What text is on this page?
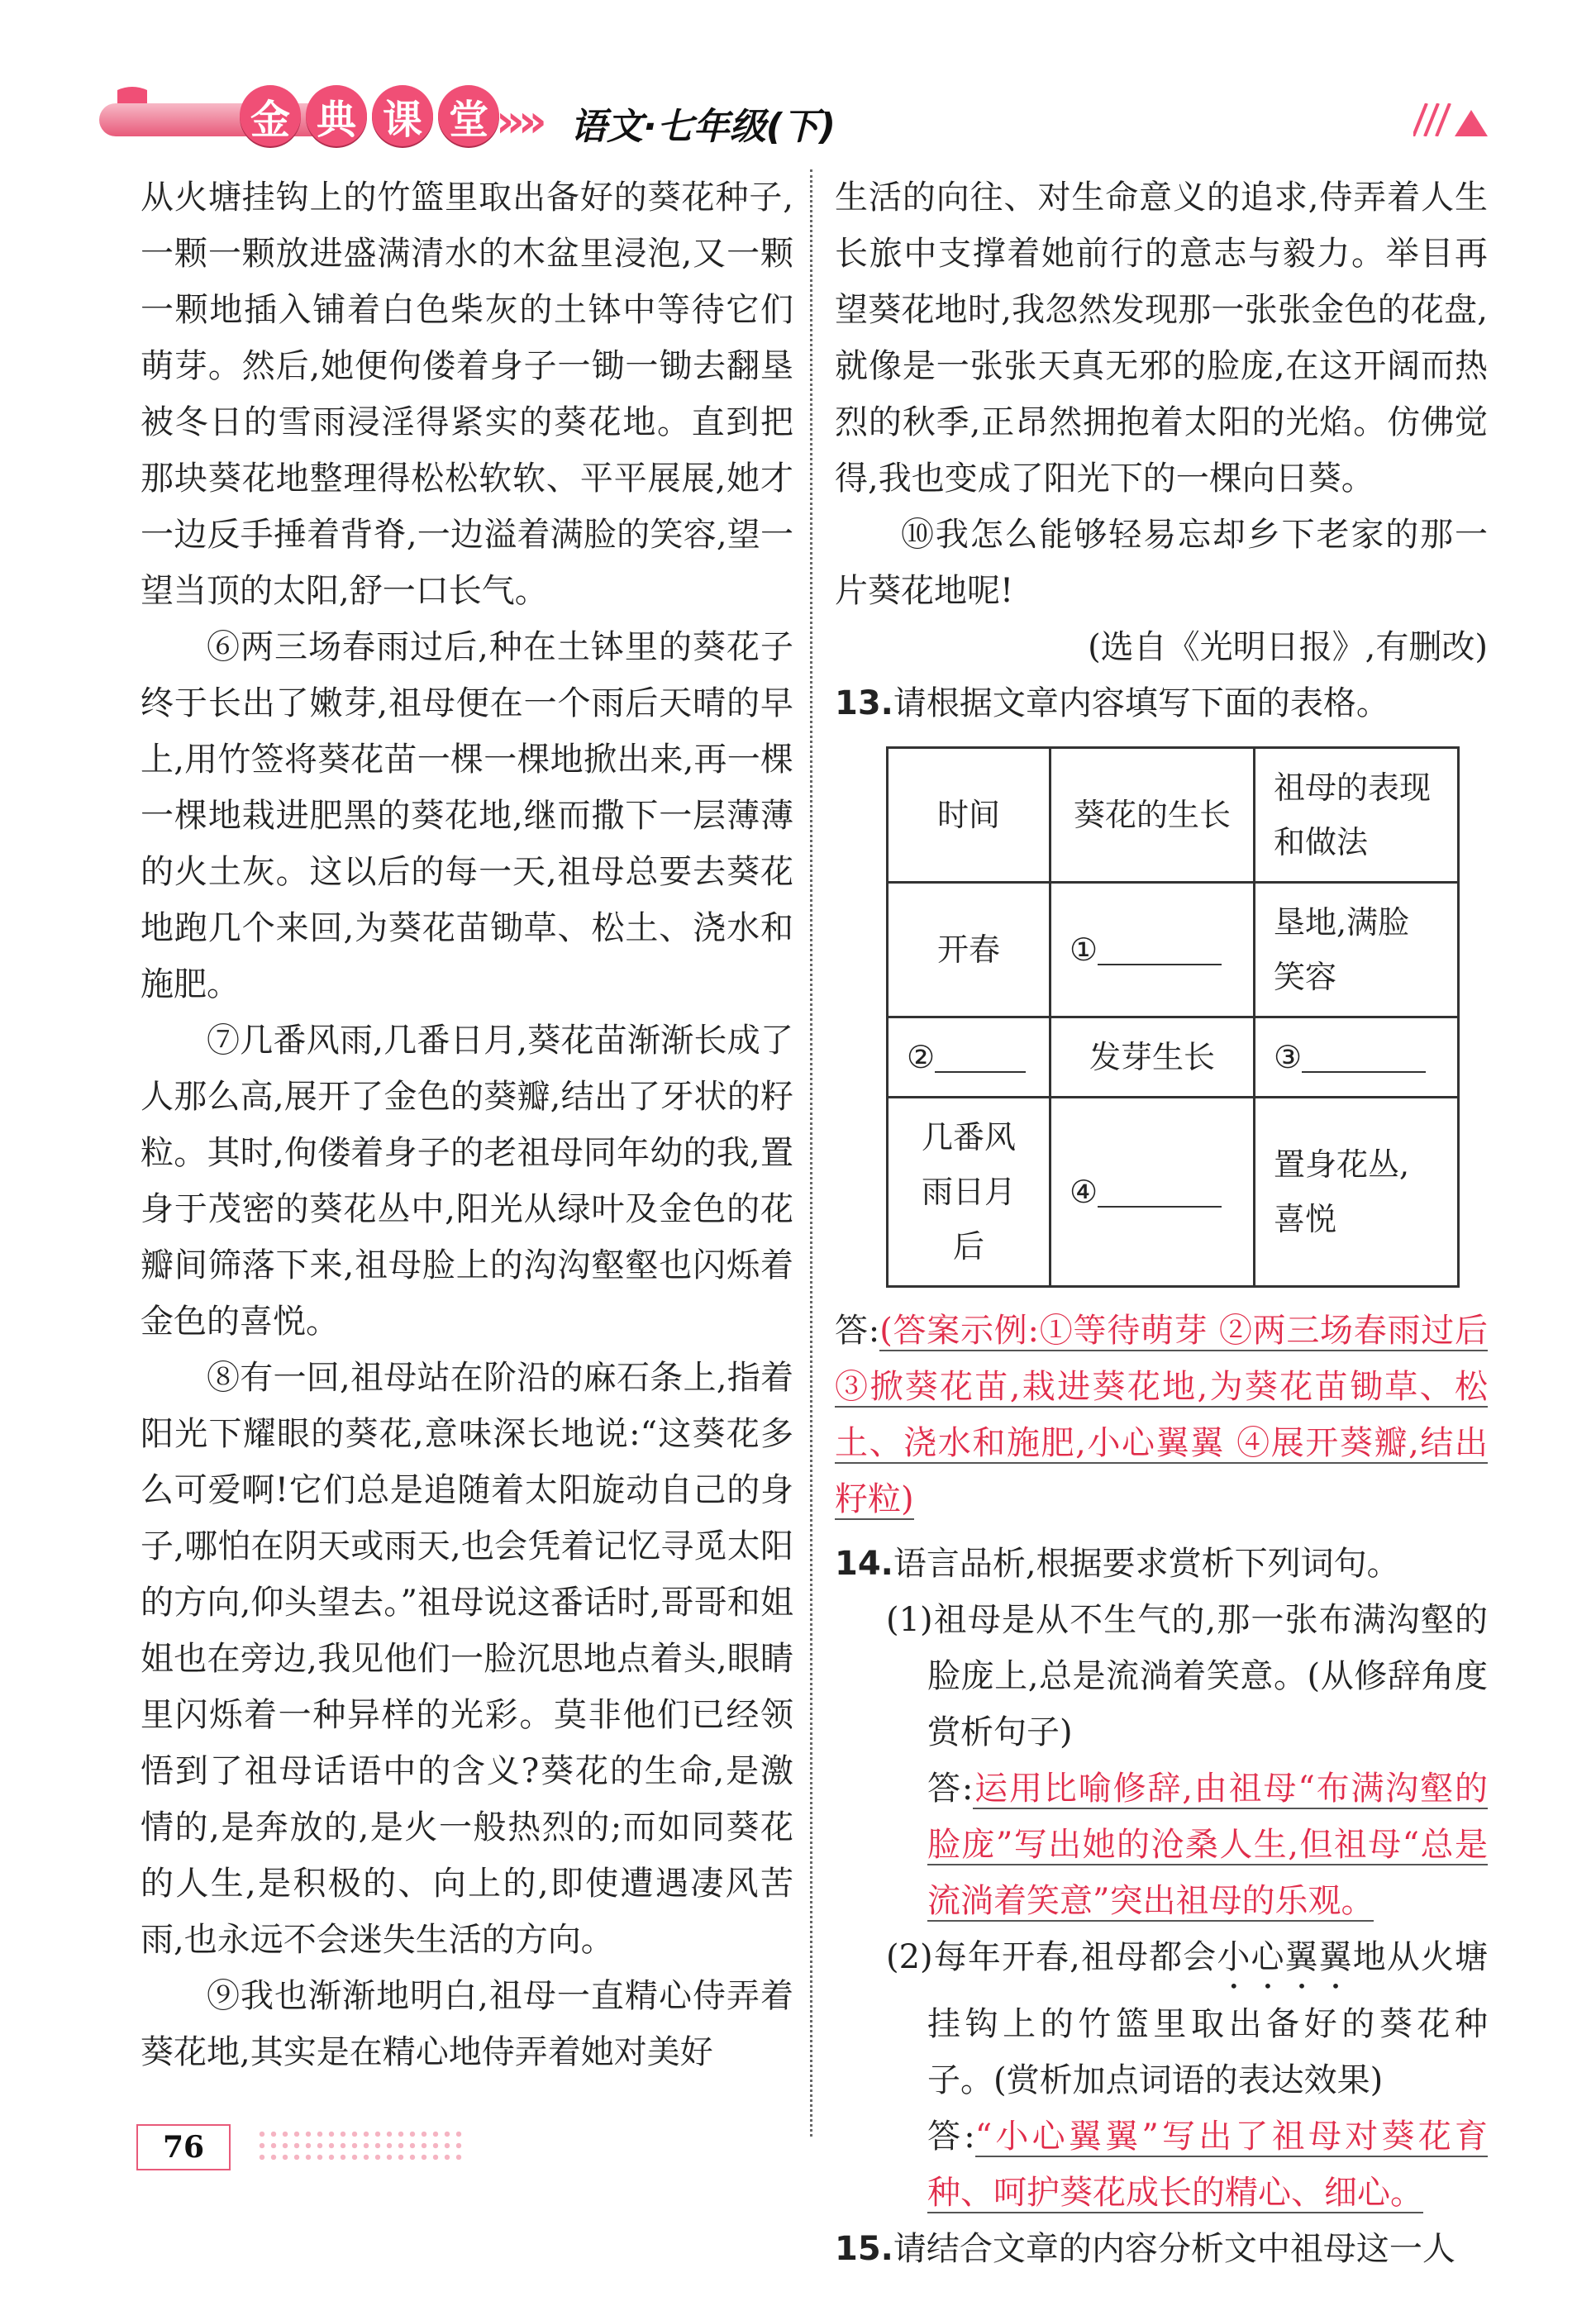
金 典 课 堂 »» 语文·七年级(下)

从火塘挂钩上的竹篮里取出备好的葵花种子,一颗一颗放进盛满清水的木盆里浸泡,又一颗一颗地插入铺着白色柴灰的土钵中等待它们萌芽。然后,她便佝偻着身子一锄一锄去翻垦被冬日的雪雨浸淫得紧实的葵花地。直到把那块葵花地整理得松松软软、平平展展,她才一边反手捶着背脊,一边溢着满脸的笑容,望一望当顶的太阳,舒一口长气。

⑥两三场春雨过后,种在土钵里的葵花子终于长出了嫩芽,祖母便在一个雨后天晴的早上,用竹签将葵花苗一棵一棵地掀出来,再一棵一棵地栽进肥黑的葵花地,继而撒下一层薄薄的火土灰。这以后的每一天,祖母总要去葵花地跑几个来回,为葵花苗锄草、松土、浇水和施肥。

⑦几番风雨,几番日月,葵花苗渐渐长成了人那么高,展开了金色的葵瓣,结出了牙状的籽粒。其时,佝偻着身子的老祖母同年幼的我,置身于茂密的葵花丛中,阳光从绿叶及金色的花瓣间筛落下来,祖母脸上的沟沟壑壑也闪烁着金色的喜悦。

⑧有一回,祖母站在阶沿的麻石条上,指着阳光下耀眼的葵花,意味深长地说:“这葵花多么可爱啊!它们总是追随着太阳旋动自己的身子,哪怕在阴天或雨天,也会凭着记忆寻觅太阳的方向,仰头望去。”祖母说这番话时,哥哥和姐姐也在旁边,我见他们一脸沉思地点着头,眼睛里闪烁着一种异样的光彩。莫非他们已经领悟到了祖母话语中的含义?葵花的生命,是激情的,是奔放的,是火一般热烈的;而如同葵花的人生,是积极的、向上的,即使遭遇凄风苦雨,也永远不会迷失生活的方向。

⑨我也渐渐地明白,祖母一直精心侍弄着葵花地,其实是在精心地侍弄着她对美好

生活的向往、对生命意义的追求,侍弄着人生长旅中支撑着她前行的意志与毅力。举目再望葵花地时,我忽然发现那一张张金色的花盘,就像是一张张天真无邪的脸庞,在这开阔而热烈的秋季,正昂然拥抱着太阳的光焰。仿佛觉得,我也变成了阳光下的一棵向日葵。

⑩我怎么能够轻易忘却乡下老家的那一片葵花地呢!

(选自《光明日报》,有删改)

13.请根据文章内容填写下面的表格。

时间	葵花的生长	祖母的表现和做法
开春	①	垦地,满脸笑容
②	发芽生长	③
几番风雨日月后	④	置身花丛,喜悦

答:(答案示例:①等待萌芽 ②两三场春雨过后 ③掀葵花苗,栽进葵花地,为葵花苗锄草、松土、浇水和施肥,小心翼翼 ④展开葵瓣,结出籽粒)

14.语言品析,根据要求赏析下列词句。

(1)祖母是从不生气的,那一张布满沟壑的脸庞上,总是流淌着笑意。(从修辞角度赏析句子)

答:运用比喻修辞,由祖母“布满沟壑的脸庞”写出她的沧桑人生,但祖母“总是流淌着笑意”突出祖母的乐观。

(2)每年开春,祖母都会小心翼翼地从火塘挂钩上的竹篮里取出备好的葵花种子。(赏析加点词语的表达效果)

答:“小心翼翼”写出了祖母对葵花育种、呵护葵花成长的精心、细心。

15.请结合文章的内容分析文中祖母这一人

76
